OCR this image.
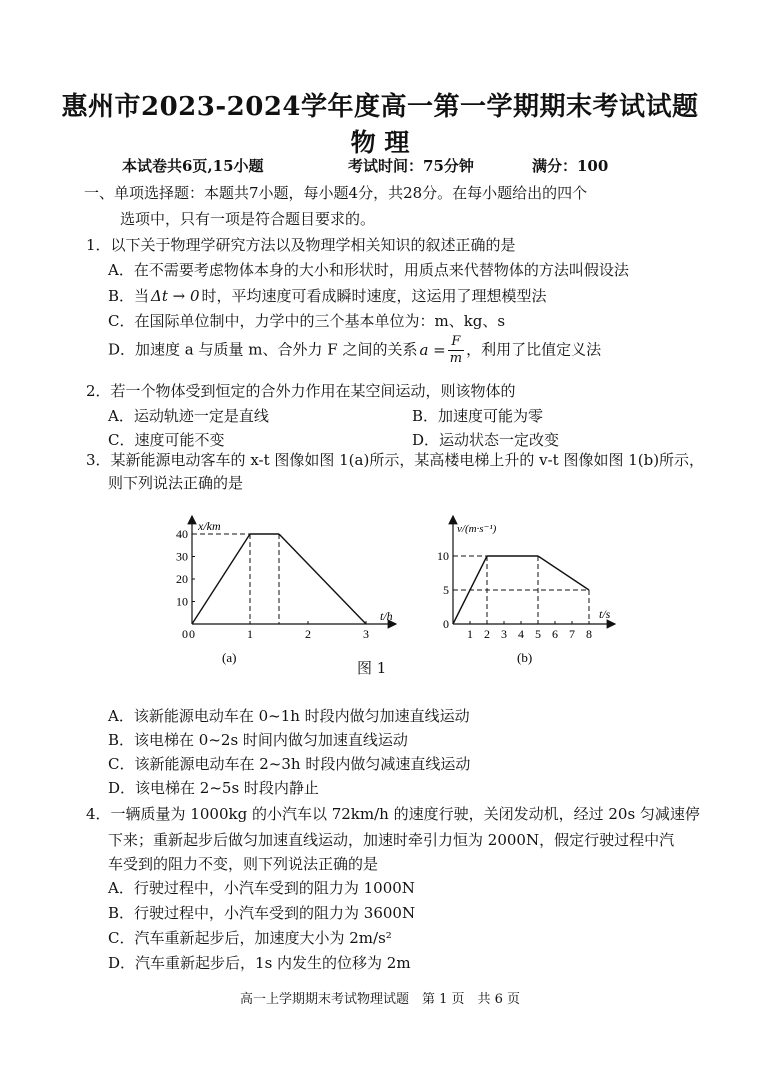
惠州市2023-2024学年度高一第一学期期末考试试题
物 理
本试卷共6页,15小题	考试时间：75分钟	满分：100
一、单项选择题：本题共7小题，每小题4分，共28分。在每小题给出的四个
选项中，只有一项是符合题目要求的。
1．以下关于物理学研究方法以及物理学相关知识的叙述正确的是
A．在不需要考虑物体本身的大小和形状时，用质点来代替物体的方法叫假设法
B．当 Δt → 0 时，平均速度可看成瞬时速度，这运用了理想模型法
C．在国际单位制中，力学中的三个基本单位为：m、kg、s
D．加速度 a 与质量 m、合外力 F 之间的关系 $a = \frac{F}{m}$ ，利用了比值定义法
2．若一个物体受到恒定的合外力作用在某空间运动，则该物体的
A．运动轨迹一定是直线	B．加速度可能为零
C．速度可能不变	D．运动状态一定改变
3．某新能源电动客车的 x-t 图像如图 1(a)所示，某高楼电梯上升的 v-t 图像如图 1(b)所示，
则下列说法正确的是
x/km
t/h
0 0	1	2	3
10
20
30
40
(a)
v/(m·s⁻¹)
t/s
1 2 3 4 5 6 7 8
0
5
10
(b)
图 1
A．该新能源电动车在 0~1h 时段内做匀加速直线运动
B．该电梯在 0~2s 时间内做匀加速直线运动
C．该新能源电动车在 2~3h 时段内做匀减速直线运动
D．该电梯在 2~5s 时段内静止
4．一辆质量为 1000kg 的小汽车以 72km/h 的速度行驶，关闭发动机，经过 20s 匀减速停
下来；重新起步后做匀加速直线运动，加速时牵引力恒为 2000N，假定行驶过程中汽
车受到的阻力不变，则下列说法正确的是
A．行驶过程中，小汽车受到的阻力为 1000N
B．行驶过程中，小汽车受到的阻力为 3600N
C．汽车重新起步后，加速度大小为 2m/s²
D．汽车重新起步后，1s 内发生的位移为 2m
高一上学期期末考试物理试题　第 1 页　共 6 页
